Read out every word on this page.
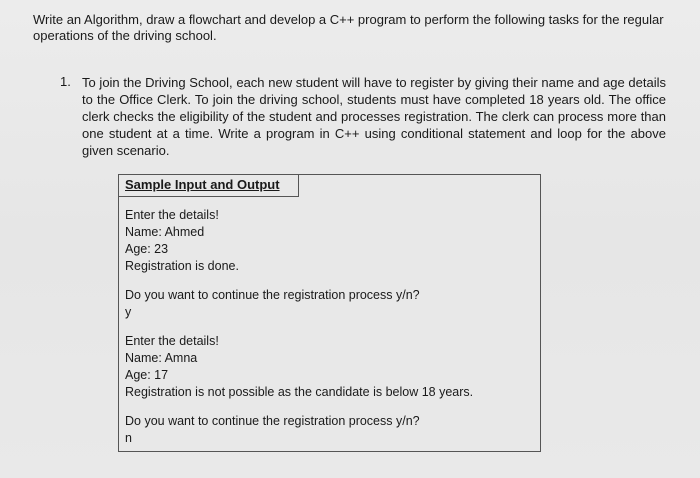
Write an Algorithm, draw a flowchart and develop a C++ program to perform the following tasks for the regular operations of the driving school.

1. To join the Driving School, each new student will have to register by giving their name and age details to the Office Clerk. To join the driving school, students must have completed 18 years old. The office clerk checks the eligibility of the student and processes registration. The clerk can process more than one student at a time. Write a program in C++ using conditional statement and loop for the above given scenario.

Sample Input and Output

Enter the details!
Name: Ahmed
Age: 23
Registration is done.
Do you want to continue the registration process y/n?
y
Enter the details!
Name: Amna
Age: 17
Registration is not possible as the candidate is below 18 years.
Do you want to continue the registration process y/n?
n
